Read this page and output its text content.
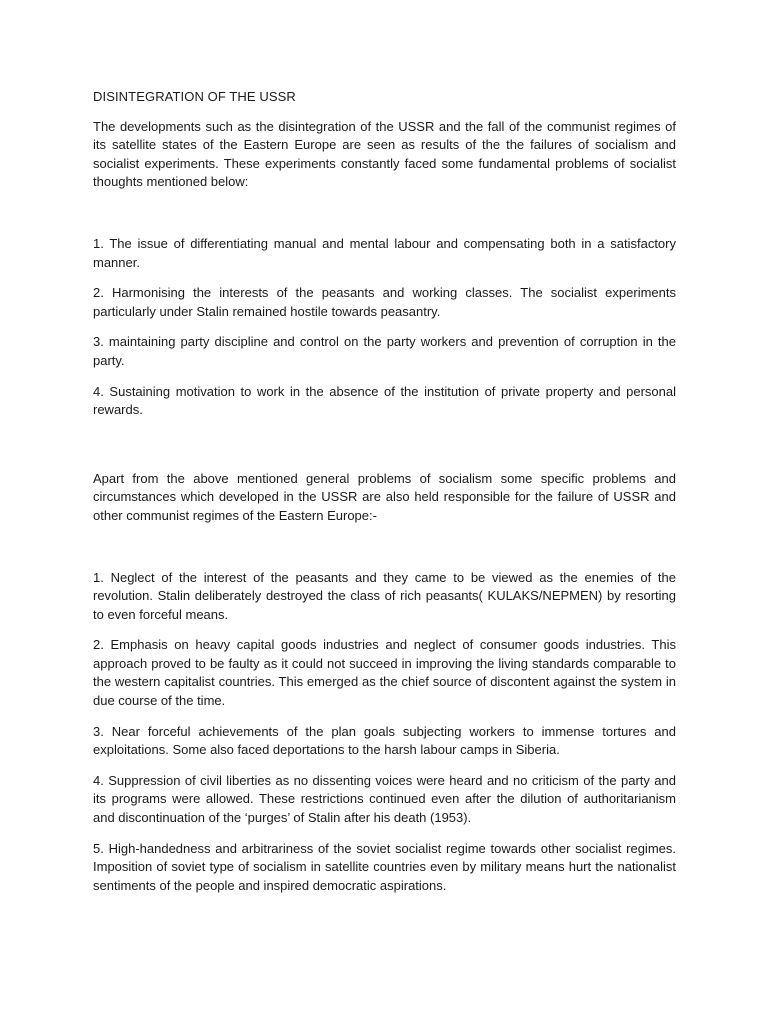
DISINTEGRATION OF THE USSR

The developments such as the disintegration of the USSR and the fall of the communist regimes of its satellite states of the Eastern Europe are seen as results of the the failures of socialism and socialist experiments. These experiments constantly faced some fundamental problems of socialist thoughts mentioned below:

1. The issue of differentiating manual and mental labour and compensating both in a satisfactory manner.

2. Harmonising the interests of the peasants and working classes. The socialist experiments particularly under Stalin remained hostile towards peasantry.

3. maintaining party discipline and control on the party workers and prevention of corruption in the party.

4. Sustaining motivation to work in the absence of the institution of private property and personal rewards.

Apart from the above mentioned general problems of socialism some specific problems and circumstances which developed in the USSR are also held responsible for the failure of USSR and other communist regimes of the Eastern Europe:-

1. Neglect of the interest of the peasants and they came to be viewed as the enemies of the revolution. Stalin deliberately destroyed the class of rich peasants( KULAKS/NEPMEN) by resorting to even forceful means.

2. Emphasis on heavy capital goods industries and neglect of consumer goods industries. This approach proved to be faulty as it could not succeed in improving the living standards comparable to the western capitalist countries. This emerged as the chief source of discontent against the system in due course of the time.

3. Near forceful achievements of the plan goals subjecting workers to immense tortures and exploitations. Some also faced deportations to the harsh labour camps in Siberia.

4. Suppression of civil liberties as no dissenting voices were heard and no criticism of the party and its programs were allowed. These restrictions continued even after the dilution of authoritarianism and discontinuation of the ‘purges’ of Stalin after his death (1953).

5. High-handedness and arbitrariness of the soviet socialist regime towards other socialist regimes. Imposition of soviet type of socialism in satellite countries even by military means hurt the nationalist sentiments of the people and inspired democratic aspirations.
